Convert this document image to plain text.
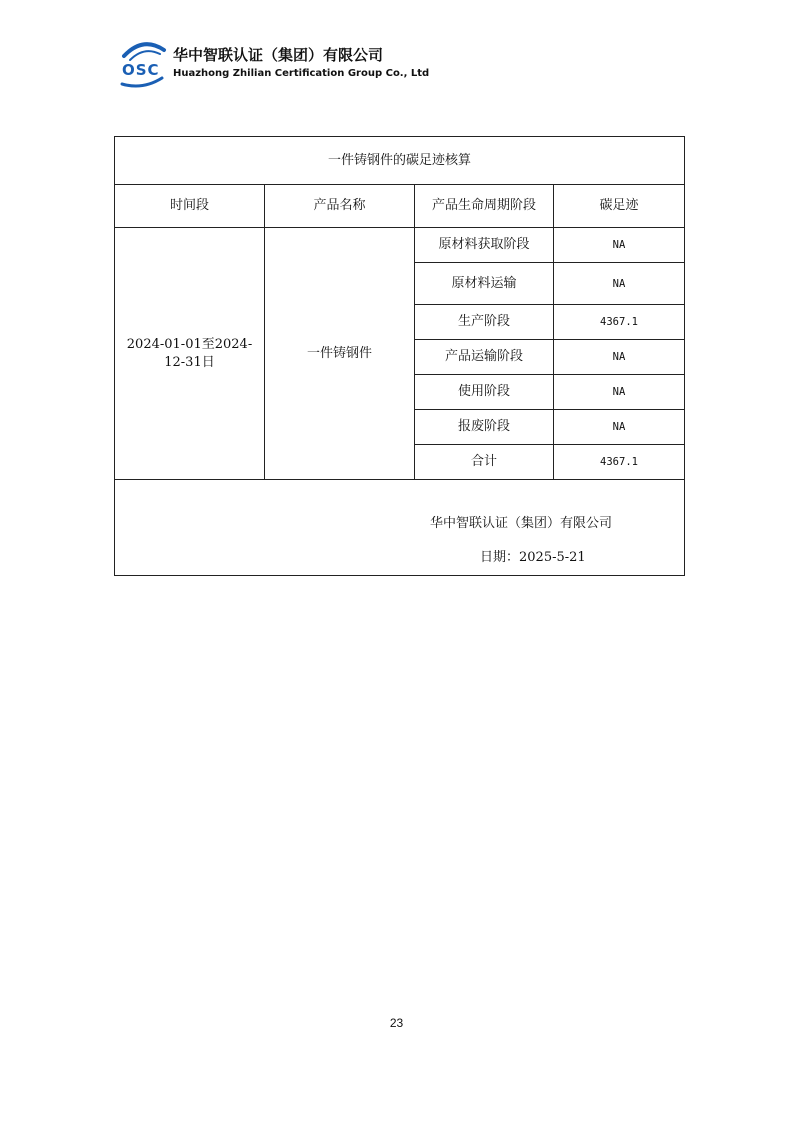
OSC
华中智联认证（集团）有限公司
Huazhong Zhilian Certification Group Co., Ltd
一件铸钢件的碳足迹核算			
时间段	产品名称	产品生命周期阶段	碳足迹
2024-01-01至2024-12-31日	一件铸钢件	原材料获取阶段	NA
		原材料运输	NA
		生产阶段	4367.1
		产品运输阶段	NA
		使用阶段	NA
		报废阶段	NA
		合计	4367.1

华中智联认证（集团）有限公司
日期：2025-5-21			
23
